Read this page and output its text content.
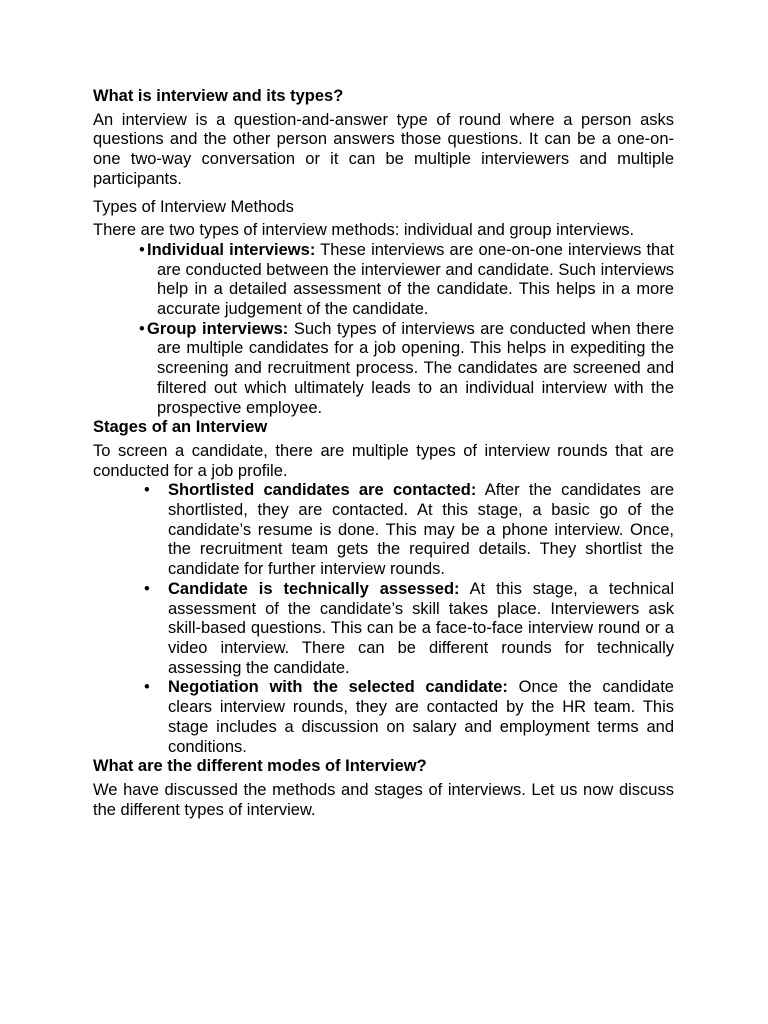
What is interview and its types?

An interview is a question-and-answer type of round where a person asks questions and the other person answers those questions. It can be a one-on-one two-way conversation or it can be multiple interviewers and multiple participants.

Types of Interview Methods

There are two types of interview methods: individual and group interviews.

• Individual interviews: These interviews are one-on-one interviews that are conducted between the interviewer and candidate. Such interviews help in a detailed assessment of the candidate. This helps in a more accurate judgement of the candidate.
• Group interviews: Such types of interviews are conducted when there are multiple candidates for a job opening. This helps in expediting the screening and recruitment process. The candidates are screened and filtered out which ultimately leads to an individual interview with the prospective employee.

Stages of an Interview

To screen a candidate, there are multiple types of interview rounds that are conducted for a job profile.

• Shortlisted candidates are contacted: After the candidates are shortlisted, they are contacted. At this stage, a basic go of the candidate’s resume is done. This may be a phone interview. Once, the recruitment team gets the required details. They shortlist the candidate for further interview rounds.
• Candidate is technically assessed: At this stage, a technical assessment of the candidate’s skill takes place. Interviewers ask skill-based questions. This can be a face-to-face interview round or a video interview. There can be different rounds for technically assessing the candidate.
• Negotiation with the selected candidate: Once the candidate clears interview rounds, they are contacted by the HR team. This stage includes a discussion on salary and employment terms and conditions.

What are the different modes of Interview?

We have discussed the methods and stages of interviews. Let us now discuss the different types of interview.
